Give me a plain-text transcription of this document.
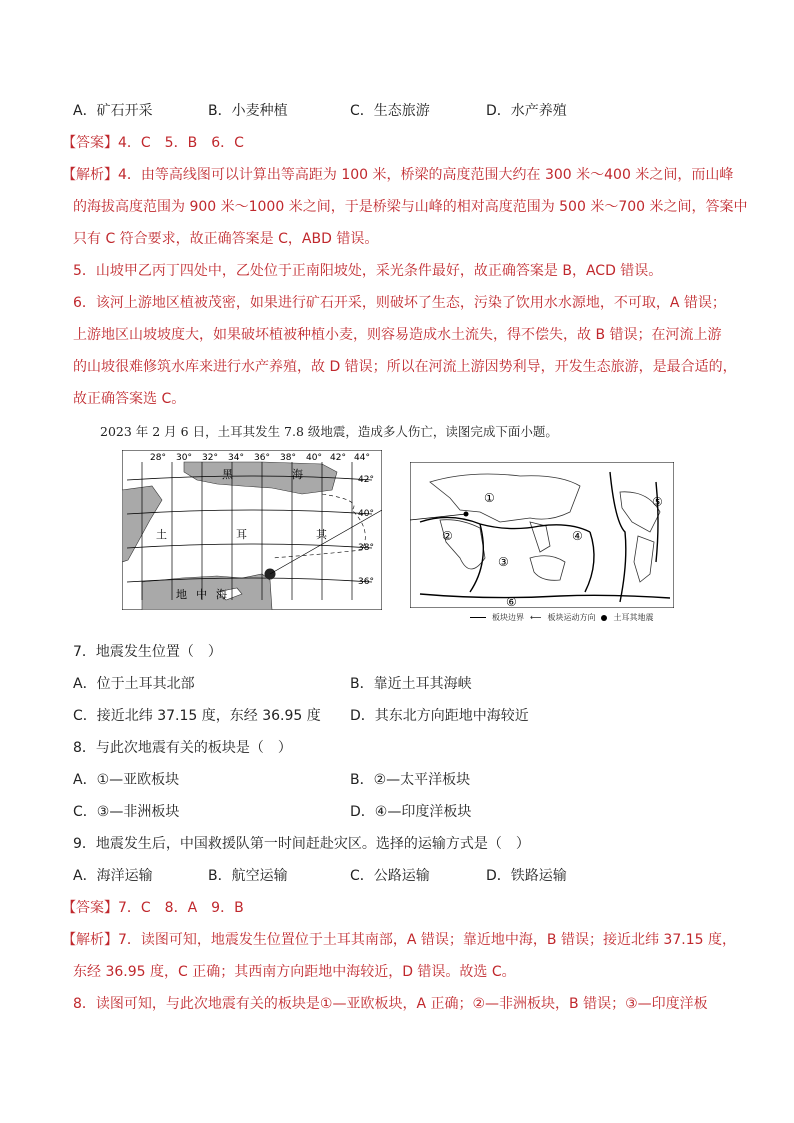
A．矿石开采	B．小麦种植	C．生态旅游	D．水产养殖
【答案】4．C　5．B　6．C
【解析】4．由等高线图可以计算出等高距为 100 米，桥梁的高度范围大约在 300 米～400 米之间，而山峰
的海拔高度范围为 900 米～1000 米之间，于是桥梁与山峰的相对高度范围为 500 米～700 米之间，答案中
只有 C 符合要求，故正确答案是 C，ABD 错误。
5．山坡甲乙丙丁四处中，乙处位于正南阳坡处，采光条件最好，故正确答案是 B，ACD 错误。
6．该河上游地区植被茂密，如果进行矿石开采，则破坏了生态，污染了饮用水水源地，不可取，A 错误；
上游地区山坡坡度大，如果破坏植被种植小麦，则容易造成水土流失，得不偿失，故 B 错误；在河流上游
的山坡很难修筑水库来进行水产养殖，故 D 错误；所以在河流上游因势利导，开发生态旅游，是最合适的，
故正确答案选 C。
2023 年 2 月 6 日，土耳其发生 7.8 级地震，造成多人伤亡，读图完成下面小题。
28° 30° 32° 34° 36° 38° 40° 42° 44°
42°
40°
38°
36°
黑	海
土	耳	其
地 中 海
①
②
③
④
⑤
⑥
板块边界 ⟵ 板块运动方向 土耳其地震
7．地震发生位置（　）
A．位于土耳其北部	B．靠近土耳其海峡
C．接近北纬 37.15 度，东经 36.95 度 D．其东北方向距地中海较近
8．与此次地震有关的板块是（　）
A．①—亚欧板块	B．②—太平洋板块
C．③—非洲板块	D．④—印度洋板块
9．地震发生后，中国救援队第一时间赶赴灾区。选择的运输方式是（　）
A．海洋运输	B．航空运输	C．公路运输	D．铁路运输
【答案】7．C　8．A　9．B
【解析】7．读图可知，地震发生位置位于土耳其南部，A 错误；靠近地中海，B 错误；接近北纬 37.15 度，
东经 36.95 度，C 正确；其西南方向距地中海较近，D 错误。故选 C。
8．读图可知，与此次地震有关的板块是①—亚欧板块，A 正确；②—非洲板块，B 错误；③—印度洋板
